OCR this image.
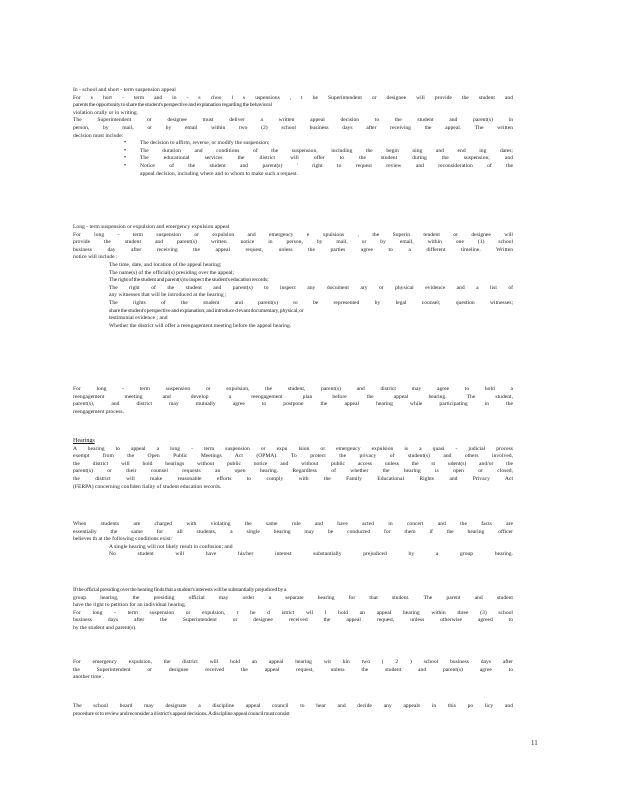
In - school and short - term suspension appeal
For s hort - term and in - s choo l s uspensions , t he Superintendent or designee will provide the student and
parents the opportunity to share the student's perspective and explanation regarding the behavioral
violation orally or in writing.
The Superintendent or designee must deliver a written appeal decision to the student and parent(s) in
person, by mail, or by email within two (2) school business days after receiving the appeal. The written
decision must include:
• The decision to affirm, reverse, or modify the suspension;
• The duration and conditions of the suspension, including the begin ning and end ing dates;
• The educational services the district will offer to the student during the suspension; and
• Notice of the student and parent(s) ' right to request review and reconsideration of the
appeal decision, including where and to whom to make such a request.
Long - term suspension or expulsion and emergency expulsion appeal
For long - term suspension or expulsion and emergency e xpulsions , the Superin tendent or designee will
provide the student and parent(s) written notice in person, by mail, or by email, within one (1) school
business day after receiving the appeal request, unless the parties agree to a different timeline. Written
notice will include :
The time, date, and location of the appeal hearing;
The name(s) of the official(s) presiding over the appeal;
The right of the student and parent(s) to inspect the student's education records;
The right of the student and parent(s) to inspect any document ary or physical evidence and a list of
any witnesses that will be introduced at the hearing ;
The rights of the student and parent(s) to be represented by legal counsel; question witnesses;
share the student's perspective and explanation; and introduce d evant documentary, physical, or
testimonial evidence ; and
Whether the district will offer a reengagement meeting before the appeal hearing.
For long - term suspension or expulsion, the student, parent(s) and district may agree to hold a
reengagement meeting and develop a reengagement plan before the appeal hearing. The student,
parent(s), and district may mutually agree to postpone the appeal hearing while participating in the
reengagement process.
Hearings
A hearing to appeal a long - term suspension or expu lsion or emergency expulsion is a quasi - judicial process
exempt from the Open Public Meetings Act (OPMA). To protect the privacy of student(s) and others involved,
the district will hold hearings without public notice and without public access unless the st udent(s) and/or the
parent(s) or their counsel requests an open hearing. Regardless of whether the hearing is open or closed,
the district will make reasonable efforts to comply with the Family Educational Rights and Privacy Act
(FERPA) concerning confiden tiality of student education records.
When students are charged with violating the same rule and have acted in concert and the facts are
essentially the same for all students, a single hearing may be conducted for them if the hearing officer
believes th at the following conditions exist:
A single hearing will not likely result in confusion; and
No student will have his/her interest substantially prejudiced by a group hearing.
If the official presiding over the hearing finds that a student's interests will be substantially prejudiced by a
group hearing, the presiding official may order a separate hearing for that student. The parent and student
have the right to petition for an individual hearing.
For long - term suspension or expulsion, t he d istrict wil l hold an appeal hearing within three (3) school
business days after the Superintendent or designee received the appeal request, unless otherwise agreed to
by the student and parent(s).
For emergency expulsion, the district will hold an appeal hearing wit hin two ( 2 ) school business days after
the Superintendent or designee received the appeal request, unless the student and parent(s) agree to
another time .
The school board may designate a discipline appeal council to hear and decide any appeals in this po licy and
procedure or to review and reconsider a d istrict's appeal decisions. A discipline appeal council must consist
11
